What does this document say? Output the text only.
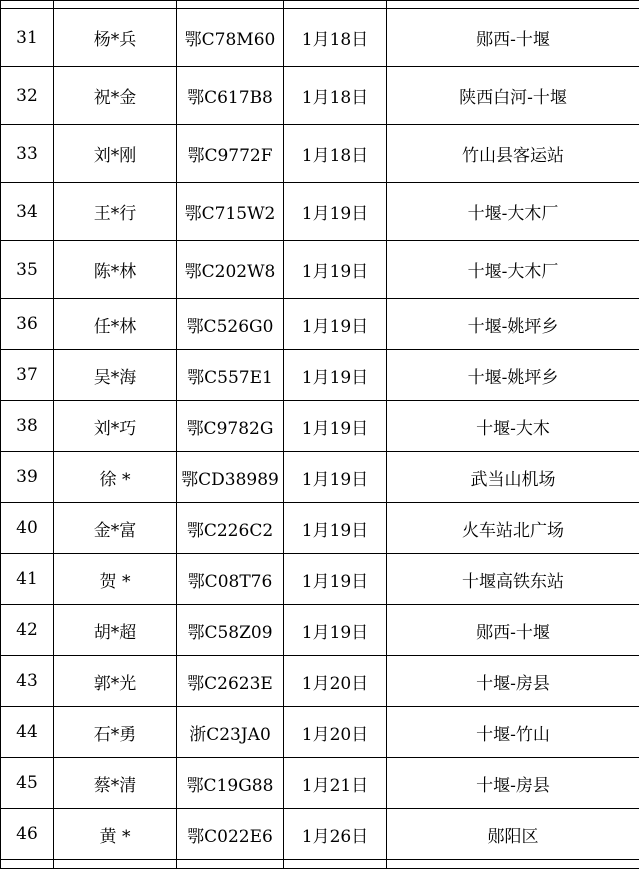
31	杨*兵	鄂C78M60	1月18日	郧西-十堰
32	祝*金	鄂C617B8	1月18日	陕西白河-十堰
33	刘*刚	鄂C9772F	1月18日	竹山县客运站
34	王*行	鄂C715W2	1月19日	十堰-大木厂
35	陈*林	鄂C202W8	1月19日	十堰-大木厂
36	任*林	鄂C526G0	1月19日	十堰-姚坪乡
37	吴*海	鄂C557E1	1月19日	十堰-姚坪乡
38	刘*巧	鄂C9782G	1月19日	十堰-大木
39	徐 *	鄂CD38989	1月19日	武当山机场
40	金*富	鄂C226C2	1月19日	火车站北广场
41	贺 *	鄂C08T76	1月19日	十堰高铁东站
42	胡*超	鄂C58Z09	1月19日	郧西-十堰
43	郭*光	鄂C2623E	1月20日	十堰-房县
44	石*勇	浙C23JA0	1月20日	十堰-竹山
45	蔡*清	鄂C19G88	1月21日	十堰-房县
46	黄 *	鄂C022E6	1月26日	郧阳区
